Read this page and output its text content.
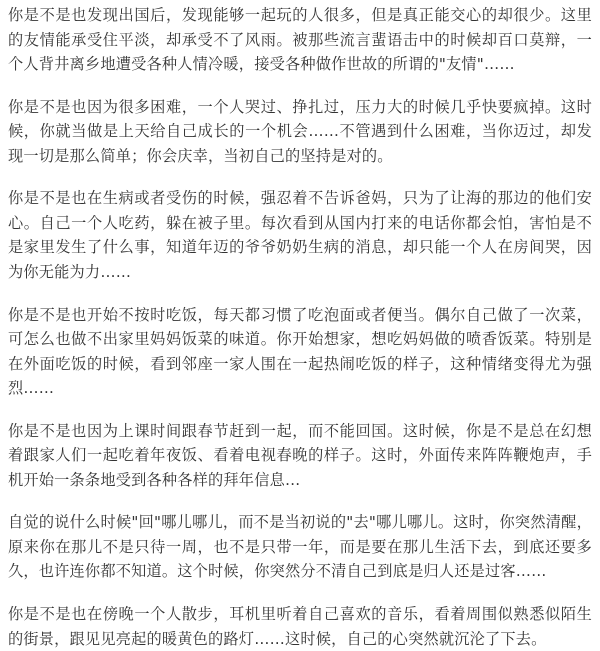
你是不是也发现出国后，发现能够一起玩的人很多，但是真正能交心的却很少。这里的友情能承受住平淡，却承受不了风雨。被那些流言蜚语击中的时候却百口莫辩，一个人背井离乡地遭受各种人情冷暖，接受各种做作世故的所谓的"友情"……

你是不是也因为很多困难，一个人哭过、挣扎过，压力大的时候几乎快要疯掉。这时候，你就当做是上天给自己成长的一个机会……不管遇到什么困难，当你迈过，却发现一切是那么简单；你会庆幸，当初自己的坚持是对的。

你是不是也在生病或者受伤的时候，强忍着不告诉爸妈，只为了让海的那边的他们安心。自己一个人吃药，躲在被子里。每次看到从国内打来的电话你都会怕，害怕是不是家里发生了什么事，知道年迈的爷爷奶奶生病的消息，却只能一个人在房间哭，因为你无能为力……

你是不是也开始不按时吃饭，每天都习惯了吃泡面或者便当。偶尔自己做了一次菜，可怎么也做不出家里妈妈饭菜的味道。你开始想家，想吃妈妈做的喷香饭菜。特别是在外面吃饭的时候，看到邻座一家人围在一起热闹吃饭的样子，这种情绪变得尤为强烈……

你是不是也因为上课时间跟春节赶到一起，而不能回国。这时候，你是不是总在幻想着跟家人们一起吃着年夜饭、看着电视春晚的样子。这时，外面传来阵阵鞭炮声，手机开始一条条地受到各种各样的拜年信息…

自觉的说什么时候"回"哪儿哪儿，而不是当初说的"去"哪儿哪儿。这时，你突然清醒，原来你在那儿不是只待一周，也不是只带一年，而是要在那儿生活下去，到底还要多久，也许连你都不知道。这个时候，你突然分不清自己到底是归人还是过客……

你是不是也在傍晚一个人散步，耳机里听着自己喜欢的音乐，看着周围似熟悉似陌生的街景，跟见见亮起的暖黄色的路灯……这时候，自己的心突然就沉沦了下去。
